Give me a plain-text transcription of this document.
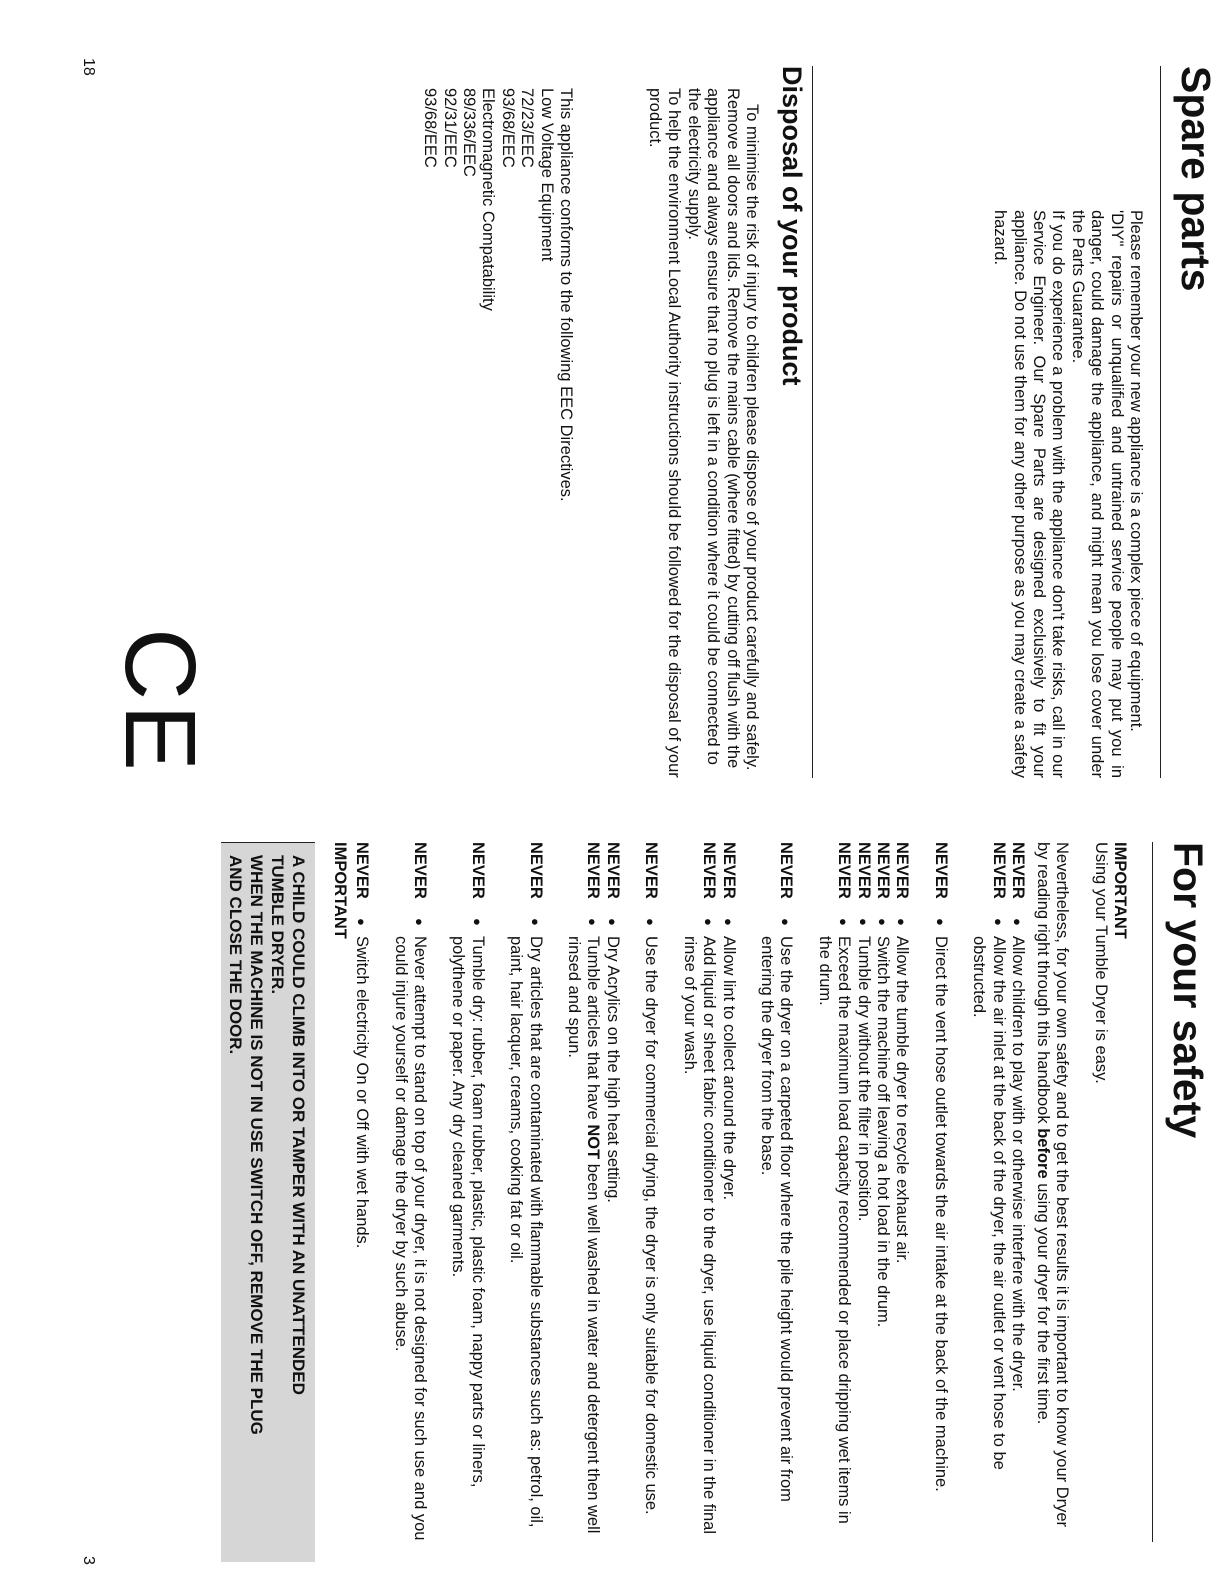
Spare parts

Please remember your new appliance is a complex piece of equipment.

'DIY" repairs or unqualified and untrained service people may put you in danger, could damage the appliance, and might mean you lose cover under the Parts Guarantee.

If you do experience a problem with the appliance don't take risks, call in our Service Engineer. Our Spare Parts are designed exclusively to fit your appliance. Do not use them for any other purpose as you may create a safety hazard.

Disposal of your product

To minimise the risk of injury to children please dispose of your product carefully and safely.

Remove all doors and lids. Remove the mains cable (where fitted) by cutting off flush with the appliance and always ensure that no plug is left in a condition where it could be connected to the electricity supply.

To help the environment Local Authority instructions should be followed for the disposal of your product.

This appliance conforms to the following EEC Directives.

Low Voltage Equipment

72/23/EEC

93/68/EEC

Electromagnetic Compatability

89/336/EEC

92/31/EEC

93/68/EEC

CE
18
For your safety

IMPORTANT

Using your Tumble Dryer is easy.

Nevertheless, for your own safety and to get the best results it is important to know your Dryer by reading right through this handbook before using your dryer for the first time.

NEVER
NEVER
● Allow children to play with or otherwise interfere with the dryer.
● Allow the air inlet at the back of the dryer, the air outlet or vent hose to be obstructed.
NEVER
● Direct the vent hose outlet towards the air intake at the back of the machine.
NEVER
NEVER
NEVER
NEVER
● Allow the tumble dryer to recycle exhaust air.
● Switch the machine off leaving a hot load in the drum.
● Tumble dry without the filter in position.
● Exceed the maximum load capacity recommended or place dripping wet items in the drum.
NEVER
● Use the dryer on a carpeted floor where the pile height would prevent air from entering the dryer from the base.
NEVER
NEVER
● Allow lint to collect around the dryer.
● Add liquid or sheet fabric conditioner to the dryer, use liquid conditioner in the final rinse of your wash.
NEVER
● Use the dryer for commercial drying, the dryer is only suitable for domestic use.
NEVER
NEVER
● Dry Acrylics on the high heat setting.
● Tumble articles that have NOT been well washed in water and detergent then well rinsed and spun.
NEVER
● Dry articles that are contaminated with flammable substances such as: petrol, oil, paint, hair lacquer, creams, cooking fat or oil.
NEVER
● Tumble dry: rubber, foam rubber, plastic, plastic foam, nappy parts or liners, polythene or paper. Any dry cleaned garments.
NEVER
● Never attempt to stand on top of your dryer, it is not designed for such use and you could injure yourself or damage the dryer by such abuse.
NEVER
● Switch electricity On or Off with wet hands.
IMPORTANT
A CHILD COULD CLIMB INTO OR TAMPER WITH AN UNATTENDED
TUMBLE DRYER.
WHEN THE MACHINE IS NOT IN USE SWITCH OFF, REMOVE THE PLUG
AND CLOSE THE DOOR.
3
